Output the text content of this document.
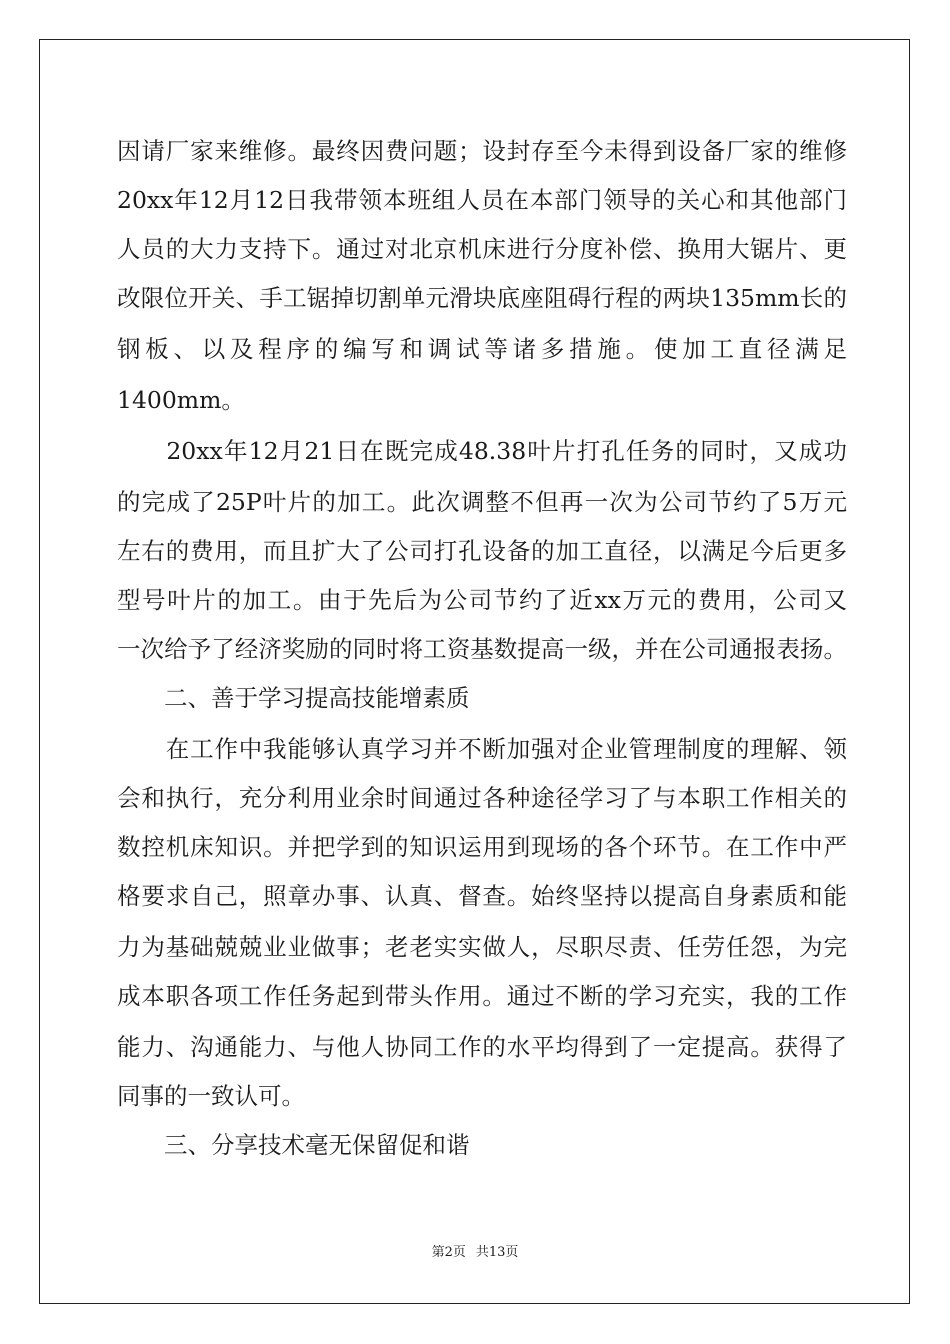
因请厂家来维修。最终因费问题；设封存至今未得到设备厂家的维修
20xx年12月12日我带领本班组人员在本部门领导的关心和其他部门
人员的大力支持下。通过对北京机床进行分度补偿、换用大锯片、更
改限位开关、手工锯掉切割单元滑块底座阻碍行程的两块135mm长的
钢板、以及程序的编写和调试等诸多措施。使加工直径满足
1400mm。
　　20xx年12月21日在既完成48.38叶片打孔任务的同时，又成功
的完成了25P叶片的加工。此次调整不但再一次为公司节约了5万元
左右的费用，而且扩大了公司打孔设备的加工直径，以满足今后更多
型号叶片的加工。由于先后为公司节约了近xx万元的费用，公司又
一次给予了经济奖励的同时将工资基数提高一级，并在公司通报表扬。
　　二、善于学习提高技能增素质
　　在工作中我能够认真学习并不断加强对企业管理制度的理解、领
会和执行，充分利用业余时间通过各种途径学习了与本职工作相关的
数控机床知识。并把学到的知识运用到现场的各个环节。在工作中严
格要求自己，照章办事、认真、督查。始终坚持以提高自身素质和能
力为基础兢兢业业做事；老老实实做人，尽职尽责、任劳任怨，为完
成本职各项工作任务起到带头作用。通过不断的学习充实，我的工作
能力、沟通能力、与他人协同工作的水平均得到了一定提高。获得了
同事的一致认可。
　　三、分享技术毫无保留促和谐
第2页 共13页
